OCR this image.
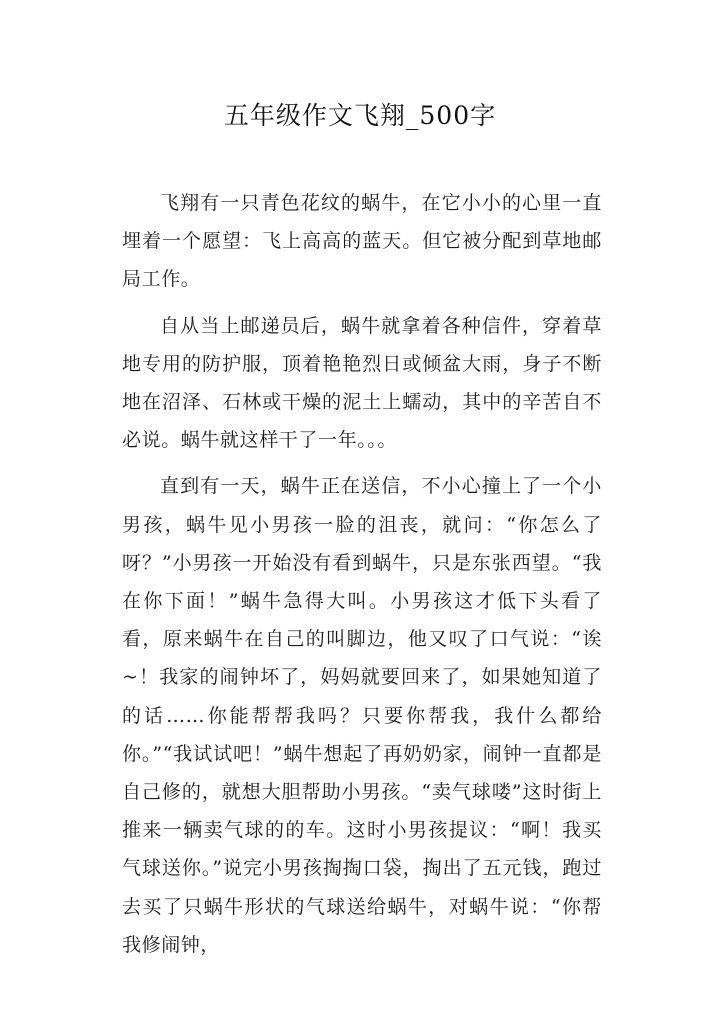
五年级作文飞翔_500字

飞翔有一只青色花纹的蜗牛，在它小小的心里一直埋着一个愿望：飞上高高的蓝天。但它被分配到草地邮局工作。

自从当上邮递员后，蜗牛就拿着各种信件，穿着草地专用的防护服，顶着艳艳烈日或倾盆大雨，身子不断地在沼泽、石林或干燥的泥土上蠕动，其中的辛苦自不必说。蜗牛就这样干了一年。。。

直到有一天，蜗牛正在送信，不小心撞上了一个小男孩，蜗牛见小男孩一脸的沮丧，就问：“你怎么了呀？”小男孩一开始没有看到蜗牛，只是东张西望。“我在你下面！”蜗牛急得大叫。小男孩这才低下头看了看，原来蜗牛在自己的叫脚边，他又叹了口气说：“诶~！我家的闹钟坏了，妈妈就要回来了，如果她知道了的话……你能帮帮我吗？只要你帮我，我什么都给你。”“我试试吧！”蜗牛想起了再奶奶家，闹钟一直都是自己修的，就想大胆帮助小男孩。“卖气球喽”这时街上推来一辆卖气球的的车。这时小男孩提议：“啊！我买气球送你。”说完小男孩掏掏口袋，掏出了五元钱，跑过去买了只蜗牛形状的气球送给蜗牛，对蜗牛说：“你帮我修闹钟，
